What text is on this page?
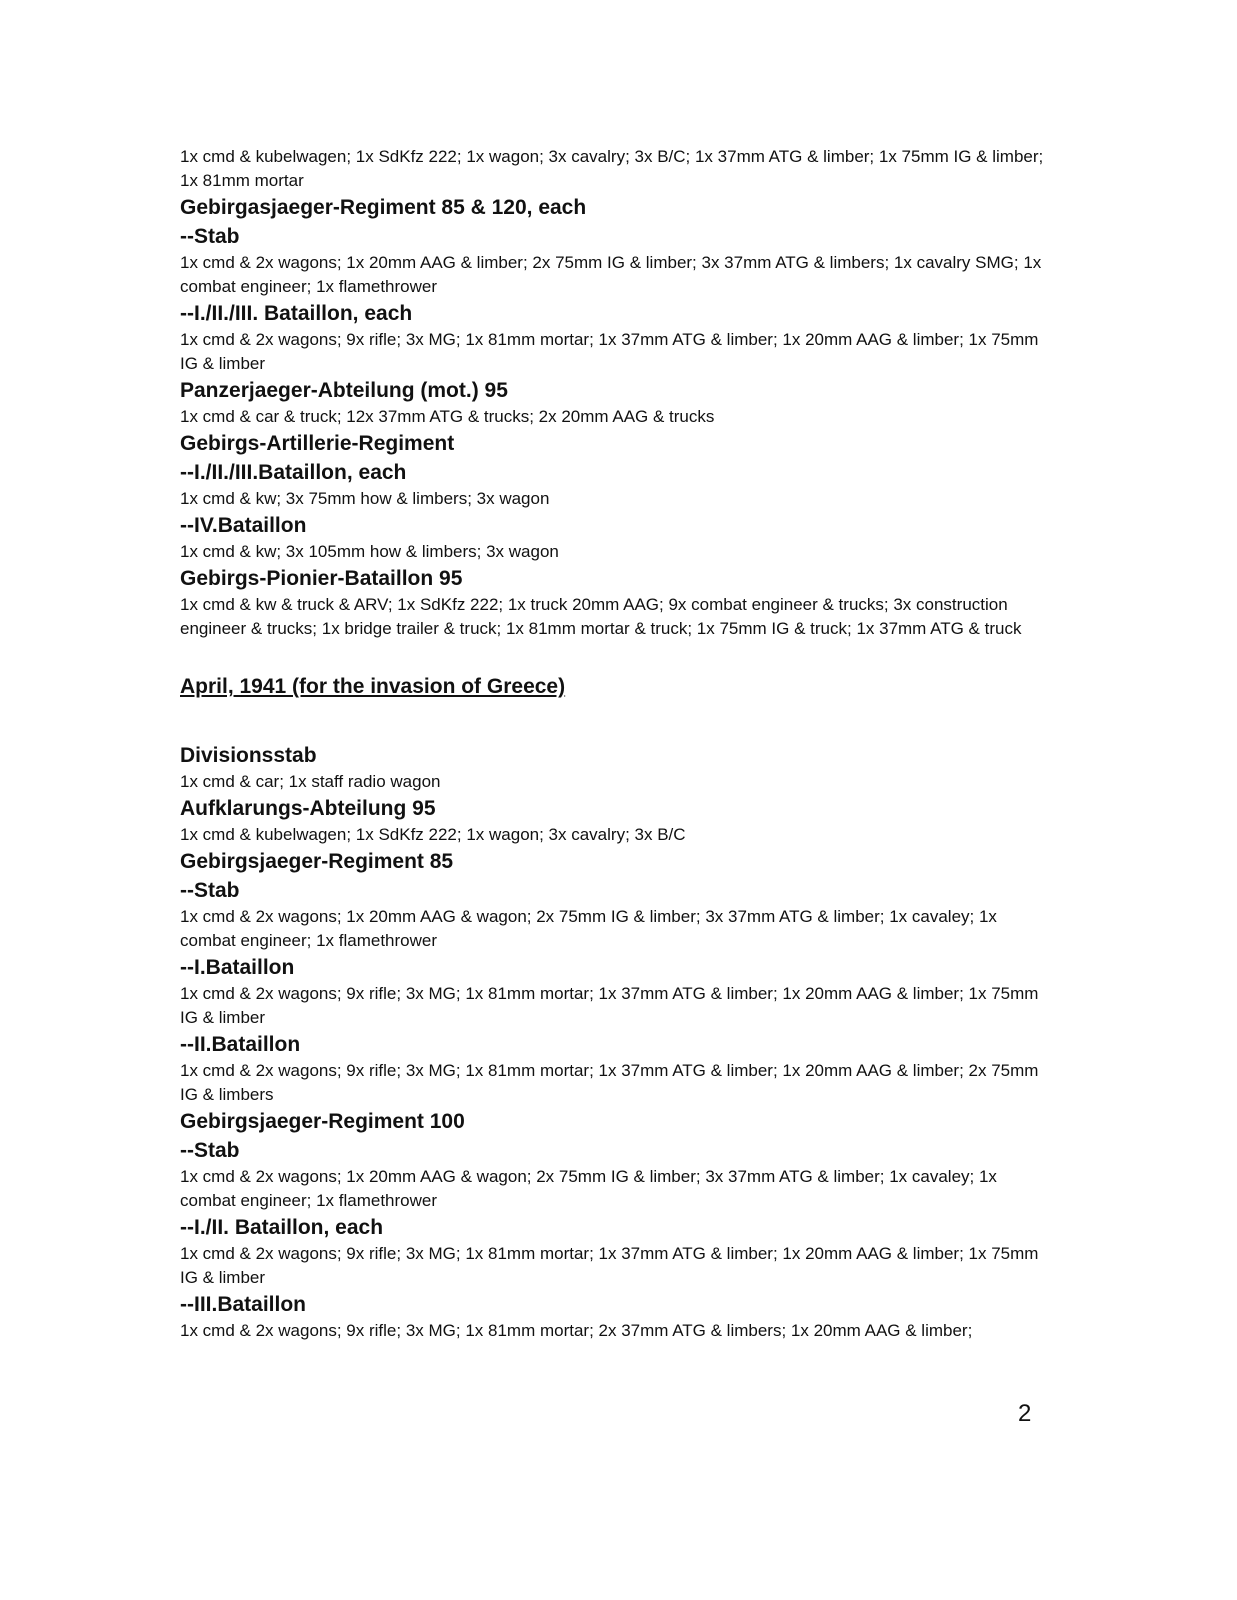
1x cmd & kubelwagen; 1x SdKfz 222; 1x wagon; 3x cavalry; 3x B/C; 1x 37mm ATG & limber; 1x 75mm IG & limber; 1x 81mm mortar
Gebirgasjaeger-Regiment 85 & 120, each
--Stab
1x cmd & 2x wagons; 1x 20mm AAG & limber; 2x 75mm IG & limber; 3x 37mm ATG & limbers; 1x cavalry SMG; 1x combat engineer; 1x flamethrower
--I./II./III. Bataillon, each
1x cmd & 2x wagons; 9x rifle; 3x MG; 1x 81mm mortar; 1x 37mm ATG & limber; 1x 20mm AAG & limber; 1x 75mm IG & limber
Panzerjaeger-Abteilung (mot.) 95
1x cmd & car & truck; 12x 37mm ATG & trucks; 2x 20mm AAG & trucks
Gebirgs-Artillerie-Regiment
--I./II./III.Bataillon, each
1x cmd & kw; 3x 75mm how & limbers; 3x wagon
--IV.Bataillon
1x cmd & kw; 3x 105mm how & limbers; 3x wagon
Gebirgs-Pionier-Bataillon 95
1x cmd & kw & truck & ARV; 1x SdKfz 222; 1x truck 20mm AAG; 9x combat engineer & trucks; 3x construction engineer & trucks; 1x bridge trailer & truck; 1x 81mm mortar & truck; 1x 75mm IG & truck; 1x 37mm ATG & truck
April, 1941 (for the invasion of Greece)
Divisionsstab
1x cmd & car; 1x staff radio wagon
Aufklarungs-Abteilung 95
1x cmd & kubelwagen; 1x SdKfz 222; 1x wagon; 3x cavalry; 3x B/C
Gebirgsjaeger-Regiment 85
--Stab
1x cmd & 2x wagons; 1x 20mm AAG & wagon; 2x 75mm IG & limber; 3x 37mm ATG & limber; 1x cavaley; 1x combat engineer; 1x flamethrower
--I.Bataillon
1x cmd & 2x wagons; 9x rifle; 3x MG; 1x 81mm mortar; 1x 37mm ATG & limber; 1x 20mm AAG & limber; 1x 75mm IG & limber
--II.Bataillon
1x cmd & 2x wagons; 9x rifle; 3x MG; 1x 81mm mortar; 1x 37mm ATG & limber; 1x 20mm AAG & limber; 2x 75mm IG & limbers
Gebirgsjaeger-Regiment 100
--Stab
1x cmd & 2x wagons; 1x 20mm AAG & wagon; 2x 75mm IG & limber; 3x 37mm ATG & limber; 1x cavaley; 1x combat engineer; 1x flamethrower
--I./II. Bataillon, each
1x cmd & 2x wagons; 9x rifle; 3x MG; 1x 81mm mortar; 1x 37mm ATG & limber; 1x 20mm AAG & limber; 1x 75mm IG & limber
--III.Bataillon
1x cmd & 2x wagons; 9x rifle; 3x MG; 1x 81mm mortar; 2x 37mm ATG & limbers; 1x 20mm AAG & limber;
2
